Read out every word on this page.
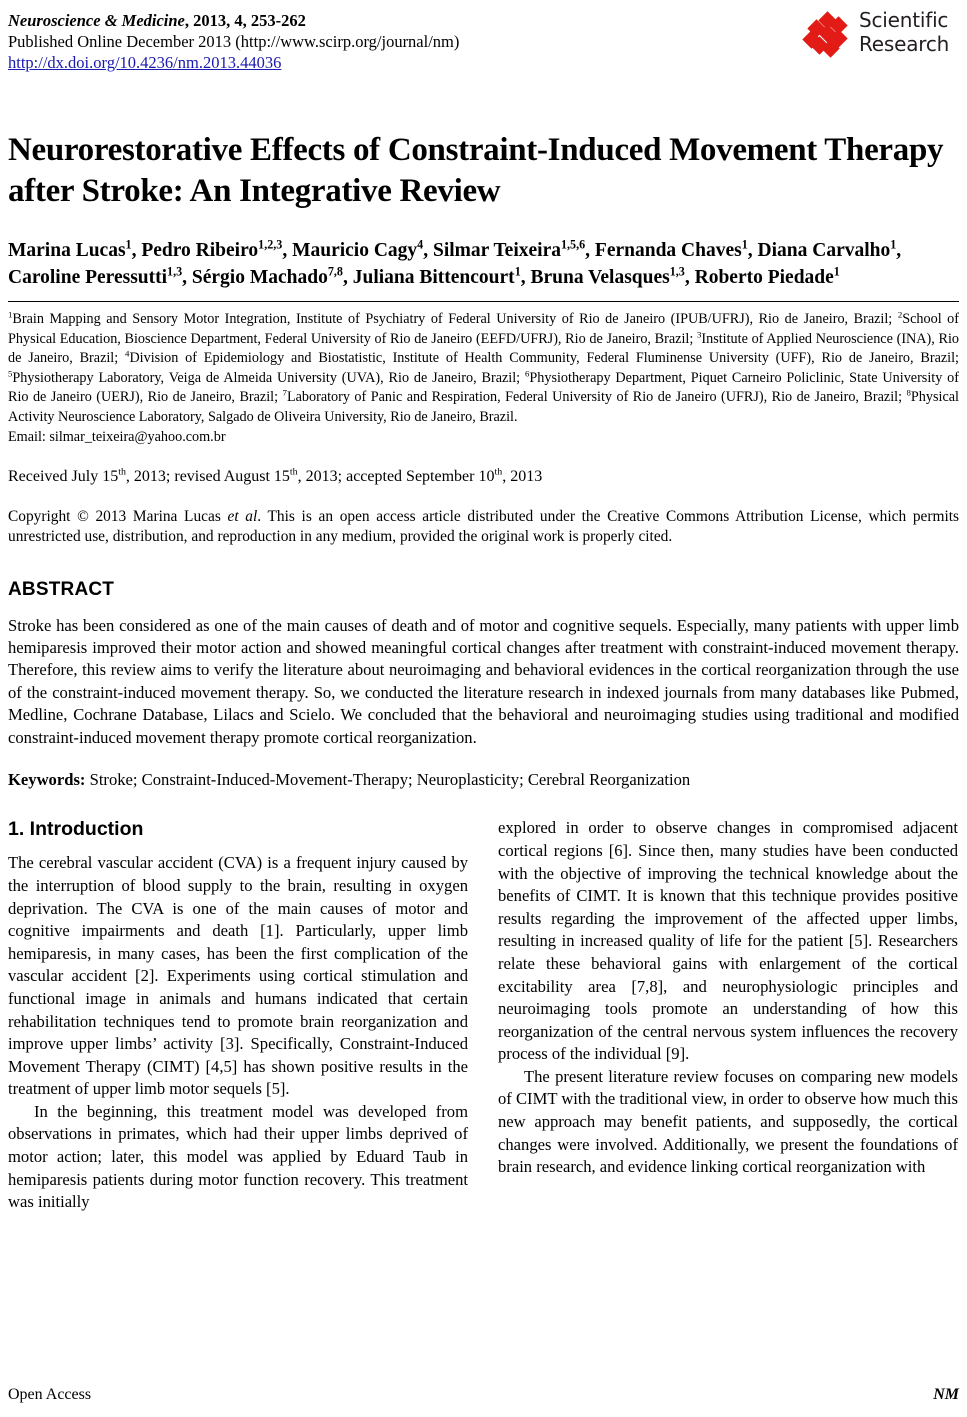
Neuroscience & Medicine, 2013, 4, 253-262
Published Online December 2013 (http://www.scirp.org/journal/nm)
http://dx.doi.org/10.4236/nm.2013.44036
Scientific
Research
Neurorestorative Effects of Constraint-Induced Movement Therapy after Stroke: An Integrative Review
Marina Lucas$^1$, Pedro Ribeiro$^{1,2,3}$, Mauricio Cagy$^4$, Silmar Teixeira$^{1,5,6}$, Fernanda Chaves$^1$, Diana Carvalho$^1$, Caroline Peressutti$^{1,3}$, Sérgio Machado$^{7,8}$, Juliana Bittencourt$^1$, Bruna Velasques$^{1,3}$, Roberto Piedade$^1$
$^1$Brain Mapping and Sensory Motor Integration, Institute of Psychiatry of Federal University of Rio de Janeiro (IPUB/UFRJ), Rio de Janeiro, Brazil; $^2$School of Physical Education, Bioscience Department, Federal University of Rio de Janeiro (EEFD/UFRJ), Rio de Janeiro, Brazil; $^3$Institute of Applied Neuroscience (INA), Rio de Janeiro, Brazil; $^4$Division of Epidemiology and Biostatistic, Institute of Health Community, Federal Fluminense University (UFF), Rio de Janeiro, Brazil; $^5$Physiotherapy Laboratory, Veiga de Almeida University (UVA), Rio de Janeiro, Brazil; $^6$Physiotherapy Department, Piquet Carneiro Policlinic, State University of Rio de Janeiro (UERJ), Rio de Janeiro, Brazil; $^7$Laboratory of Panic and Respiration, Federal University of Rio de Janeiro (UFRJ), Rio de Janeiro, Brazil; $^8$Physical Activity Neuroscience Laboratory, Salgado de Oliveira University, Rio de Janeiro, Brazil.
Email: silmar_teixeira@yahoo.com.br
Received July 15th, 2013; revised August 15th, 2013; accepted September 10th, 2013
Copyright © 2013 Marina Lucas et al. This is an open access article distributed under the Creative Commons Attribution License, which permits unrestricted use, distribution, and reproduction in any medium, provided the original work is properly cited.
ABSTRACT
Stroke has been considered as one of the main causes of death and of motor and cognitive sequels. Especially, many patients with upper limb hemiparesis improved their motor action and showed meaningful cortical changes after treatment with constraint-induced movement therapy. Therefore, this review aims to verify the literature about neuroimaging and behavioral evidences in the cortical reorganization through the use of the constraint-induced movement therapy. So, we conducted the literature research in indexed journals from many databases like Pubmed, Medline, Cochrane Database, Lilacs and Scielo. We concluded that the behavioral and neuroimaging studies using traditional and modified constraint-induced movement therapy promote cortical reorganization.
Keywords: Stroke; Constraint-Induced-Movement-Therapy; Neuroplasticity; Cerebral Reorganization
1. Introduction

The cerebral vascular accident (CVA) is a frequent injury caused by the interruption of blood supply to the brain, resulting in oxygen deprivation. The CVA is one of the main causes of motor and cognitive impairments and death [1]. Particularly, upper limb hemiparesis, in many cases, has been the first complication of the vascular accident [2]. Experiments using cortical stimulation and functional image in animals and humans indicated that certain rehabilitation techniques tend to promote brain reorganization and improve upper limbs’ activity [3]. Specifically, Constraint-Induced Movement Therapy (CIMT) [4,5] has shown positive results in the treatment of upper limb motor sequels [5].

In the beginning, this treatment model was developed from observations in primates, which had their upper limbs deprived of motor action; later, this model was applied by Eduard Taub in hemiparesis patients during motor function recovery. This treatment was initially

explored in order to observe changes in compromised adjacent cortical regions [6]. Since then, many studies have been conducted with the objective of improving the technical knowledge about the benefits of CIMT. It is known that this technique provides positive results regarding the improvement of the affected upper limbs, resulting in increased quality of life for the patient [5]. Researchers relate these behavioral gains with enlargement of the cortical excitability area [7,8], and neurophysiologic principles and neuroimaging tools promote an understanding of how this reorganization of the central nervous system influences the recovery process of the individual [9].

The present literature review focuses on comparing new models of CIMT with the traditional view, in order to observe how much this new approach may benefit patients, and supposedly, the cortical changes were involved. Additionally, we present the foundations of brain research, and evidence linking cortical reorganization with

Open Access	NM
